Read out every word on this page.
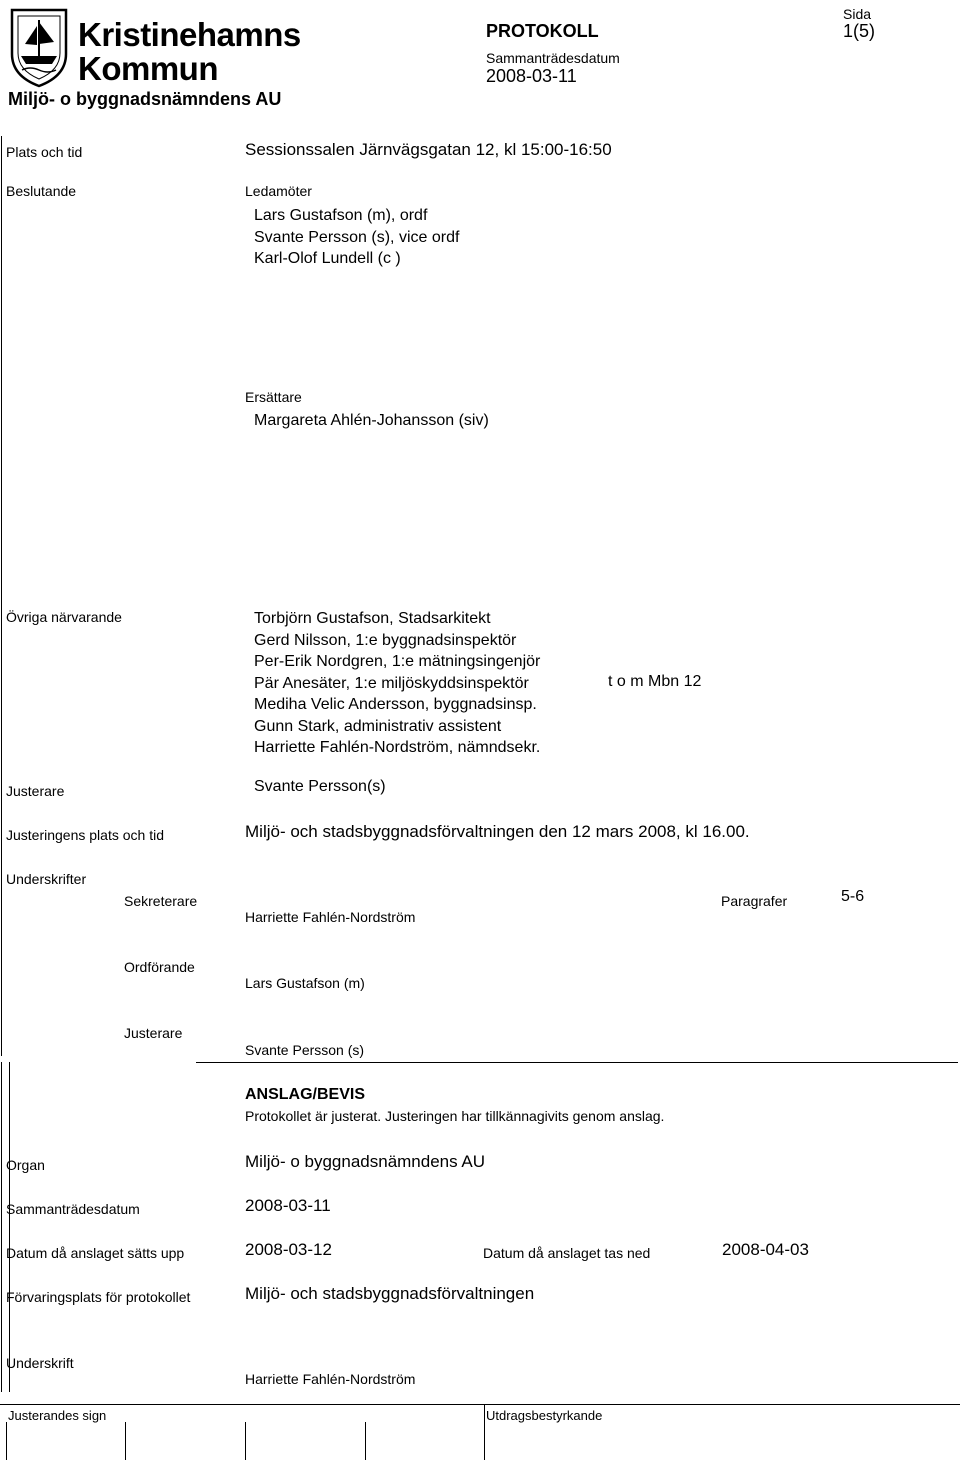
Kristinehamns
Kommun
Miljö- o byggnadsnämndens AU
PROTOKOLL
Sammanträdesdatum
2008-03-11
Sida
1(5)
Plats och tid	Sessionssalen Järnvägsgatan 12, kl 15:00-16:50
Beslutande	Ledamöter
Lars Gustafson (m), ordf
Svante Persson (s), vice ordf
Karl-Olof Lundell (c )
Ersättare
Margareta Ahlén-Johansson (siv)
Övriga närvarande	Torbjörn Gustafson, Stadsarkitekt
Gerd Nilsson, 1:e byggnadsinspektör
Per-Erik Nordgren, 1:e mätningsingenjör
Pär Anesäter, 1:e miljöskyddsinspektör
Mediha Velic Andersson, byggnadsinsp.
Gunn Stark, administrativ assistent
Harriette Fahlén-Nordström, nämndsekr.
t o m Mbn 12
Justerare	Svante Persson(s)
Justeringens plats och tid	Miljö- och stadsbyggnadsförvaltningen den 12 mars 2008, kl 16.00.
Underskrifter
Sekreterare
Harriette Fahlén-Nordström
Paragrafer	5-6
Ordförande
Lars Gustafson (m)
Justerare
Svante Persson (s)
ANSLAG/BEVIS
Protokollet är justerat. Justeringen har tillkännagivits genom anslag.
Organ	Miljö- o byggnadsnämndens AU
Sammanträdesdatum	2008-03-11
Datum då anslaget sätts upp	2008-03-12	Datum då anslaget tas ned	2008-04-03
Förvaringsplats för protokollet	Miljö- och stadsbyggnadsförvaltningen
Underskrift
Harriette Fahlén-Nordström
Justerandes sign	Utdragsbestyrkande
